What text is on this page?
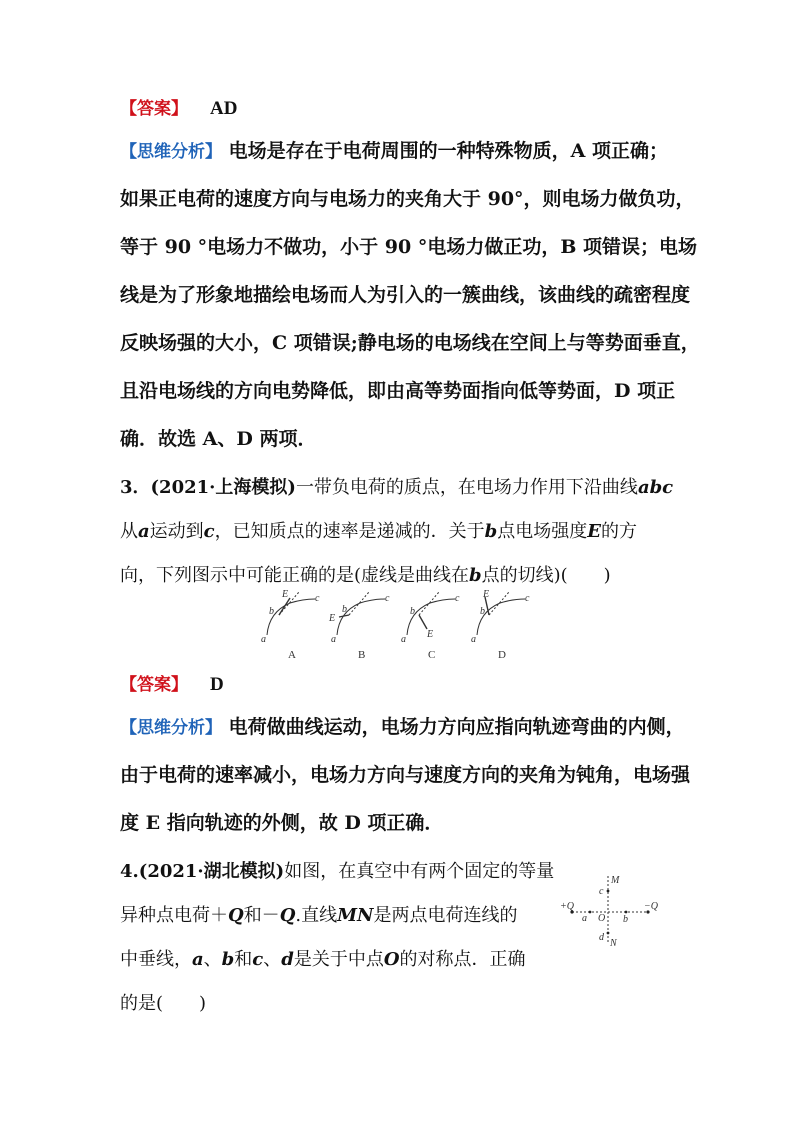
【答案】 AD
【思维分析】 电场是存在于电荷周围的一种特殊物质，A 项正确；
如果正电荷的速度方向与电场力的夹角大于 90°，则电场力做负功，
等于 90 °电场力不做功，小于 90 °电场力做正功，B 项错误；电场
线是为了形象地描绘电场而人为引入的一簇曲线，该曲线的疏密程度
反映场强的大小，C 项错误;静电场的电场线在空间上与等势面垂直，
且沿电场线的方向电势降低，即由高等势面指向低等势面，D 项正
确．故选 A、D 两项．
3．(2021·上海模拟)一带负电荷的质点，在电场力作用下沿曲线abc
从a运动到c，已知质点的速率是递减的．关于b点电场强度E的方
向，下列图示中可能正确的是(虚线是曲线在b点的切线)(　　)
a
b
c
E
a
b
c
E
a
b
c
E	a
b
c
E
A	B	C	D
【答案】 D
【思维分析】 电荷做曲线运动，电场力方向应指向轨迹弯曲的内侧，
由于电荷的速率减小，电场力方向与速度方向的夹角为钝角，电场强
度 E 指向轨迹的外侧，故 D 项正确．
4.(2021·湖北模拟)如图，在真空中有两个固定的等量
异种点电荷＋Q和－Q.直线MN是两点电荷连线的
中垂线，a、b和c、d是关于中点O的对称点．正确
的是(　　)
M
c
d
N
a	b
O
+Q	−Q
